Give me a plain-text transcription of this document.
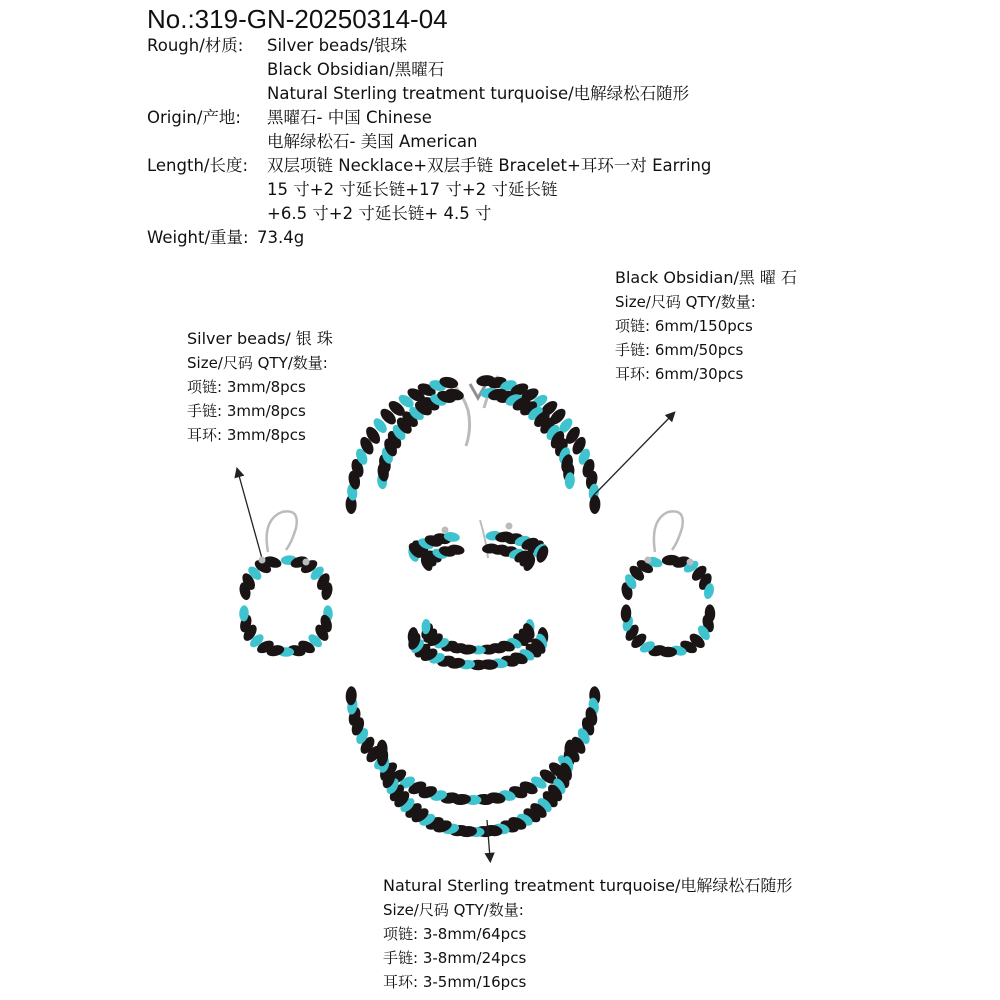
No.:319-GN-20250314-04
Rough/材质: Silver beads/银珠
Black Obsidian/黑曜石
Natural Sterling treatment turquoise/电解绿松石随形
Origin/产地: 黑曜石- 中国 Chinese
电解绿松石- 美国 American
Length/长度: 双层项链 Necklace+双层手链 Bracelet+耳环一对 Earring
15 寸+2 寸延长链+17 寸+2 寸延长链
+6.5 寸+2 寸延长链+ 4.5 寸
Weight/重量: 73.4g
Silver beads/ 银 珠
Size/尺码 QTY/数量:
项链: 3mm/8pcs
手链: 3mm/8pcs
耳环: 3mm/8pcs
Black Obsidian/黑 曜 石
Size/尺码 QTY/数量:
项链: 6mm/150pcs
手链: 6mm/50pcs
耳环: 6mm/30pcs
Natural Sterling treatment turquoise/电解绿松石随形
Size/尺码 QTY/数量:
项链: 3-8mm/64pcs
手链: 3-8mm/24pcs
耳环: 3-5mm/16pcs
